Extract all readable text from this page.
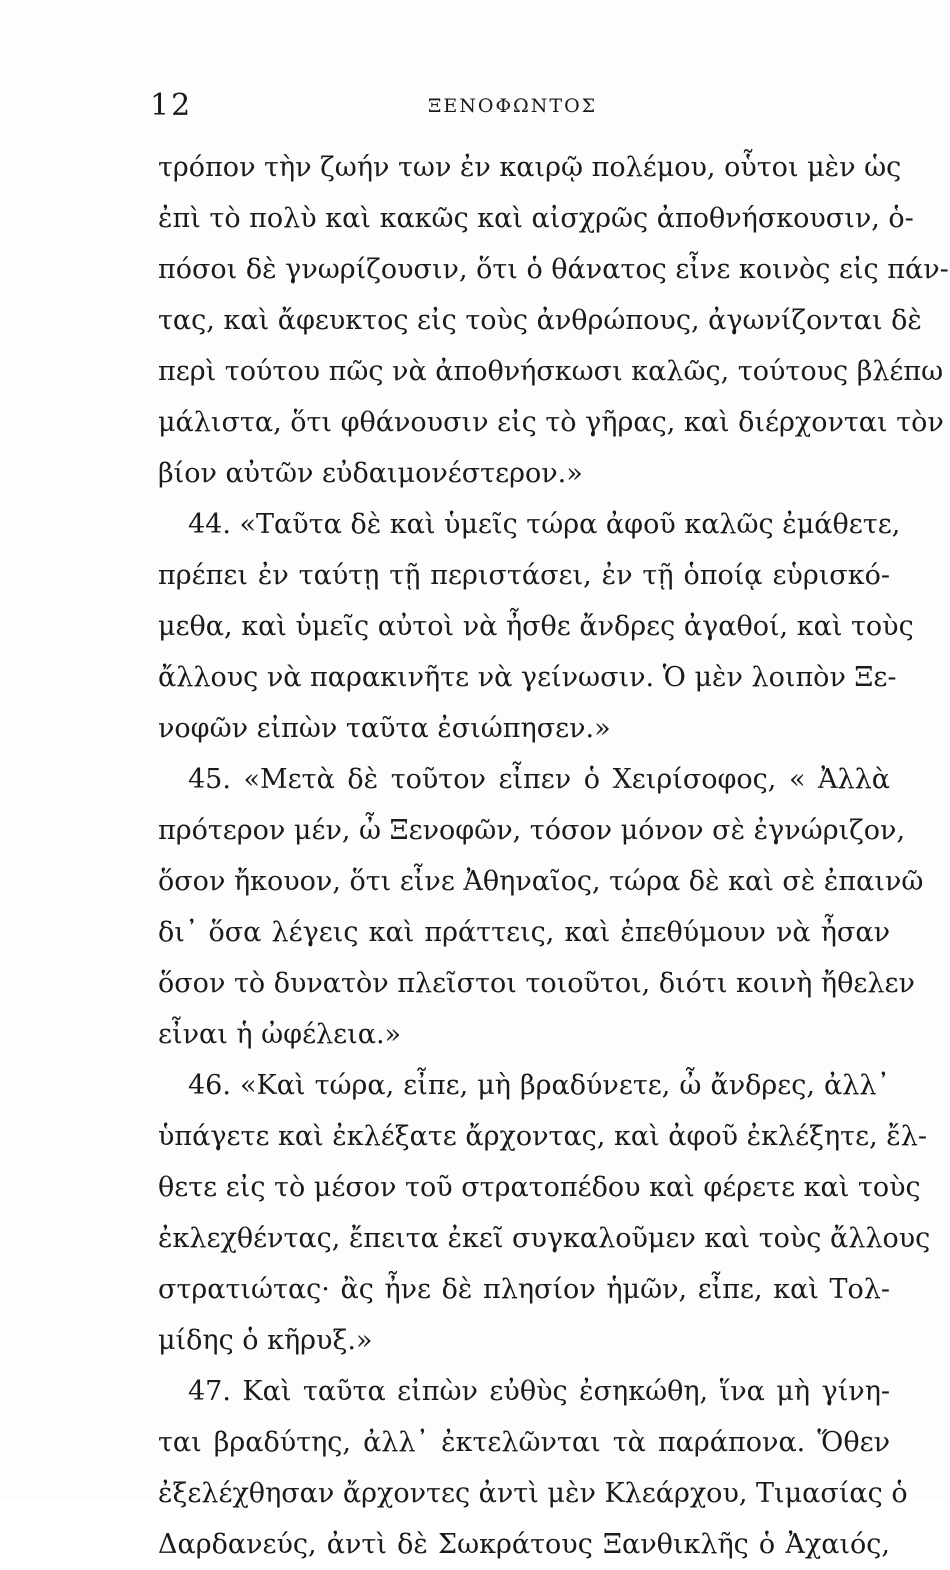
12	ΞΕΝΟΦΩΝΤΟΣ
τρόπον τὴν ζωήν των ἐν καιρῷ πολέμου, οὗτοι μὲν ὡς
ἐπὶ τὸ πολὺ καὶ κακῶς καὶ αἰσχρῶς ἀποθνήσκουσιν, ὁ-
πόσοι δὲ γνωρίζουσιν, ὅτι ὁ θάνατος εἶνε κοινὸς εἰς πάν-
τας, καὶ ἄφευκτος εἰς τοὺς ἀνθρώπους, ἀγωνίζονται δὲ
περὶ τούτου πῶς νὰ ἀποθνήσκωσι καλῶς, τούτους βλέπω
μάλιστα, ὅτι φθάνουσιν εἰς τὸ γῆρας, καὶ διέρχονται τὸν
βίον αὐτῶν εὐδαιμονέστερον.»
44. «Ταῦτα δὲ καὶ ὑμεῖς τώρα ἀφοῦ καλῶς ἐμάθετε,
πρέπει ἐν ταύτῃ τῇ περιστάσει, ἐν τῇ ὁποίᾳ εὑρισκό-
μεθα, καὶ ὑμεῖς αὐτοὶ νὰ ἦσθε ἄνδρες ἀγαθοί, καὶ τοὺς
ἄλλους νὰ παρακινῆτε νὰ γείνωσιν. Ὁ μὲν λοιπὸν Ξε-
νοφῶν εἰπὼν ταῦτα ἐσιώπησεν.»
45. «Μετὰ δὲ τοῦτον εἶπεν ὁ Χειρίσοφος, « Ἀλλὰ
πρότερον μέν, ὦ Ξενοφῶν, τόσον μόνον σὲ ἐγνώριζον,
ὅσον ἤκουον, ὅτι εἶνε Ἀθηναῖος, τώρα δὲ καὶ σὲ ἐπαινῶ
δι᾽ ὅσα λέγεις καὶ πράττεις, καὶ ἐπεθύμουν νὰ ἦσαν
ὅσον τὸ δυνατὸν πλεῖστοι τοιοῦτοι, διότι κοινὴ ἤθελεν
εἶναι ἡ ὠφέλεια.»
46. «Καὶ τώρα, εἶπε, μὴ βραδύνετε, ὦ ἄνδρες, ἀλλ᾽
ὑπάγετε καὶ ἐκλέξατε ἄρχοντας, καὶ ἀφοῦ ἐκλέξητε, ἔλ-
θετε εἰς τὸ μέσον τοῦ στρατοπέδου καὶ φέρετε καὶ τοὺς
ἐκλεχθέντας, ἔπειτα ἐκεῖ συγκαλοῦμεν καὶ τοὺς ἄλλους
στρατιώτας· ἂς ἦνε δὲ πλησίον ἡμῶν, εἶπε, καὶ Τολ-
μίδης ὁ κῆρυξ.»
47. Καὶ ταῦτα εἰπὼν εὐθὺς ἐσηκώθη, ἵνα μὴ γίνη-
ται βραδύτης, ἀλλ᾽ ἐκτελῶνται τὰ παράπονα. Ὅθεν
ἐξελέχθησαν ἄρχοντες ἀντὶ μὲν Κλεάρχου, Τιμασίας ὁ
Δαρδανεύς, ἀντὶ δὲ Σωκράτους Ξανθικλῆς ὁ Ἀχαιός,
